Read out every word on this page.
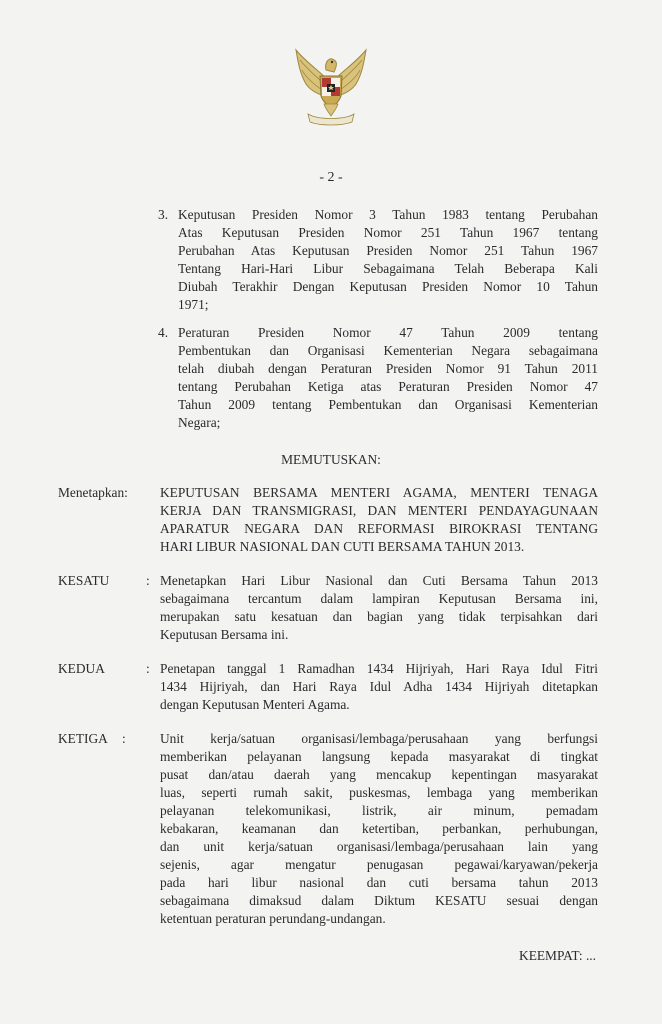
- 2 -
3. Keputusan Presiden Nomor 3 Tahun 1983 tentang Perubahan
Atas Keputusan Presiden Nomor 251 Tahun 1967 tentang
Perubahan Atas Keputusan Presiden Nomor 251 Tahun 1967
Tentang Hari-Hari Libur Sebagaimana Telah Beberapa Kali
Diubah Terakhir Dengan Keputusan Presiden Nomor 10 Tahun
1971;
4. Peraturan Presiden Nomor 47 Tahun 2009 tentang
Pembentukan dan Organisasi Kementerian Negara sebagaimana
telah diubah dengan Peraturan Presiden Nomor 91 Tahun 2011
tentang Perubahan Ketiga atas Peraturan Presiden Nomor 47
Tahun 2009 tentang Pembentukan dan Organisasi Kementerian
Negara;
MEMUTUSKAN:
Menetapkan: KEPUTUSAN BERSAMA MENTERI AGAMA, MENTERI TENAGA
KERJA DAN TRANSMIGRASI, DAN MENTERI PENDAYAGUNAAN
APARATUR NEGARA DAN REFORMASI BIROKRASI TENTANG
HARI LIBUR NASIONAL DAN CUTI BERSAMA TAHUN 2013.
KESATU	: Menetapkan Hari Libur Nasional dan Cuti Bersama Tahun 2013
sebagaimana tercantum dalam lampiran Keputusan Bersama ini,
merupakan satu kesatuan dan bagian yang tidak terpisahkan dari
Keputusan Bersama ini.
KEDUA	: Penetapan tanggal 1 Ramadhan 1434 Hijriyah, Hari Raya Idul Fitri
1434 Hijriyah, dan Hari Raya Idul Adha 1434 Hijriyah ditetapkan
dengan Keputusan Menteri Agama.
KETIGA :	Unit kerja/satuan organisasi/lembaga/perusahaan yang berfungsi
memberikan pelayanan langsung kepada masyarakat di tingkat
pusat dan/atau daerah yang mencakup kepentingan masyarakat
luas, seperti rumah sakit, puskesmas, lembaga yang memberikan
pelayanan telekomunikasi, listrik, air minum, pemadam
kebakaran, keamanan dan ketertiban, perbankan, perhubungan,
dan unit kerja/satuan organisasi/lembaga/perusahaan lain yang
sejenis, agar mengatur penugasan pegawai/karyawan/pekerja
pada hari libur nasional dan cuti bersama tahun 2013
sebagaimana dimaksud dalam Diktum KESATU sesuai dengan
ketentuan peraturan perundang-undangan.
KEEMPAT: ...
